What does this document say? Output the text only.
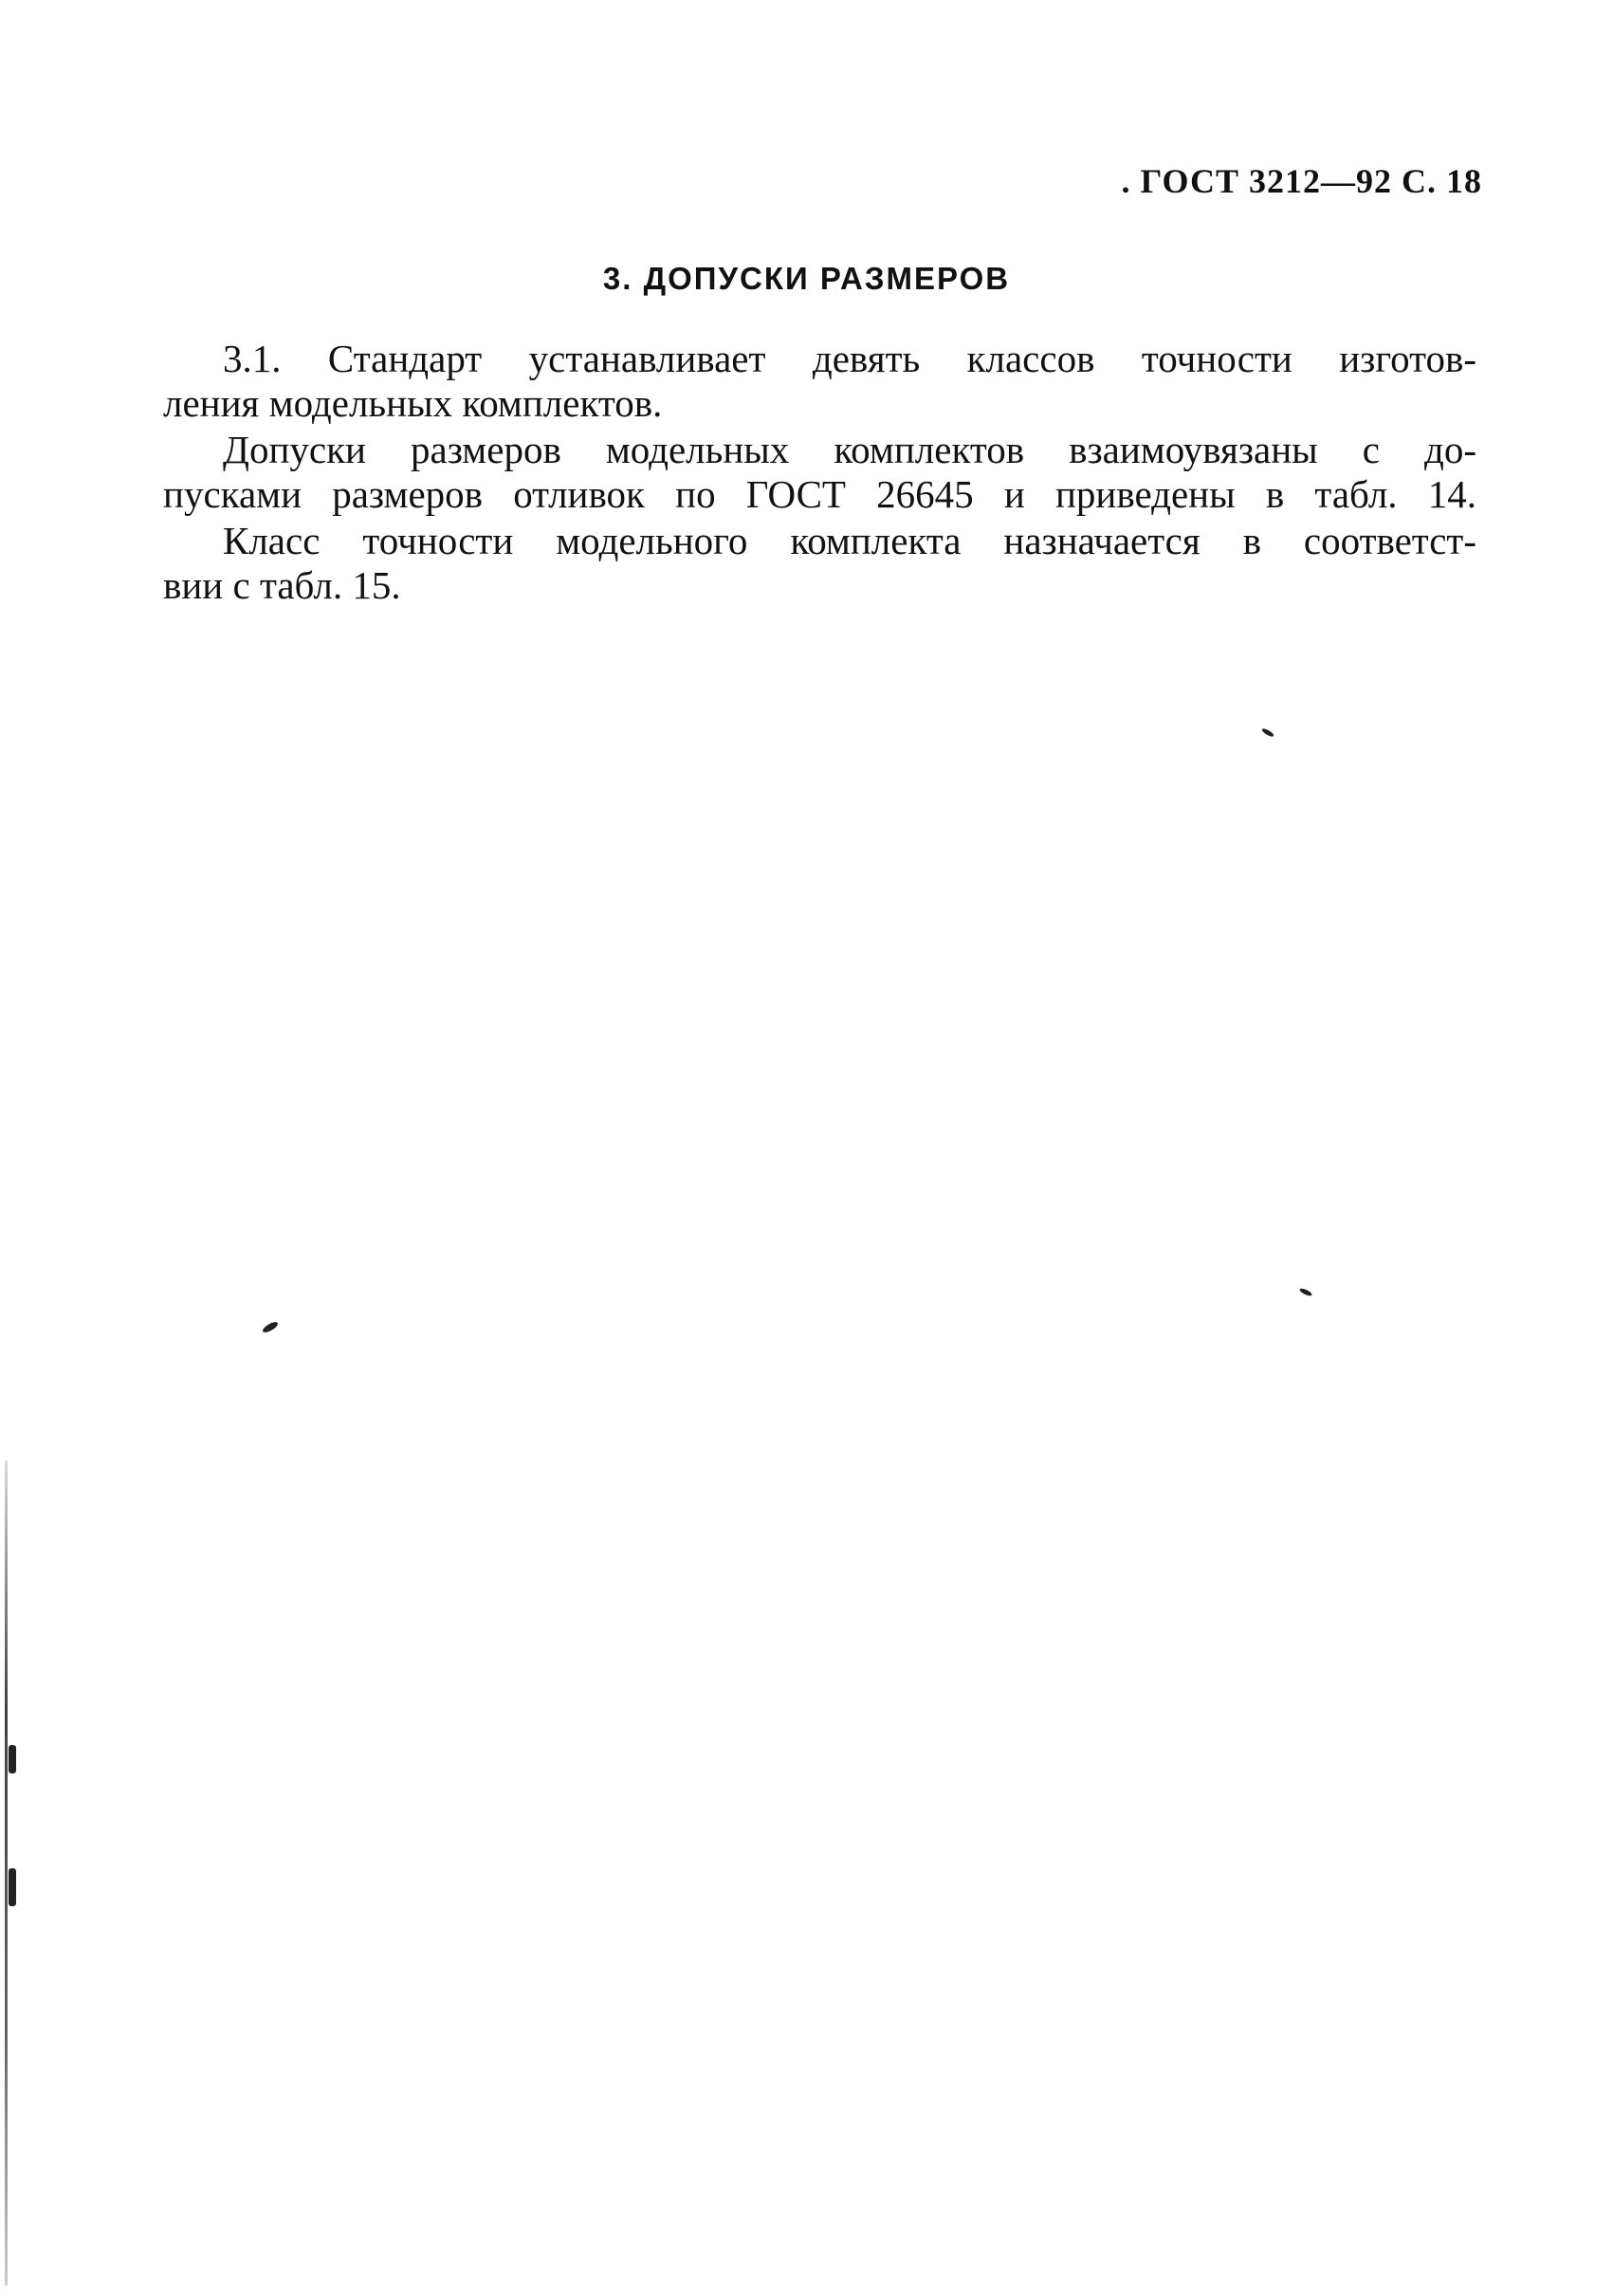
. ГОСТ 3212—92 С. 18
3. ДОПУСКИ РАЗМЕРОВ
3.1. Стандарт устанавливает девять классов точности изготов-
ления модельных комплектов.
Допуски размеров модельных комплектов взаимоувязаны с до-
пусками размеров отливок по ГОСТ 26645 и приведены в табл. 14.
Класс точности модельного комплекта назначается в соответст-
вии с табл. 15.
